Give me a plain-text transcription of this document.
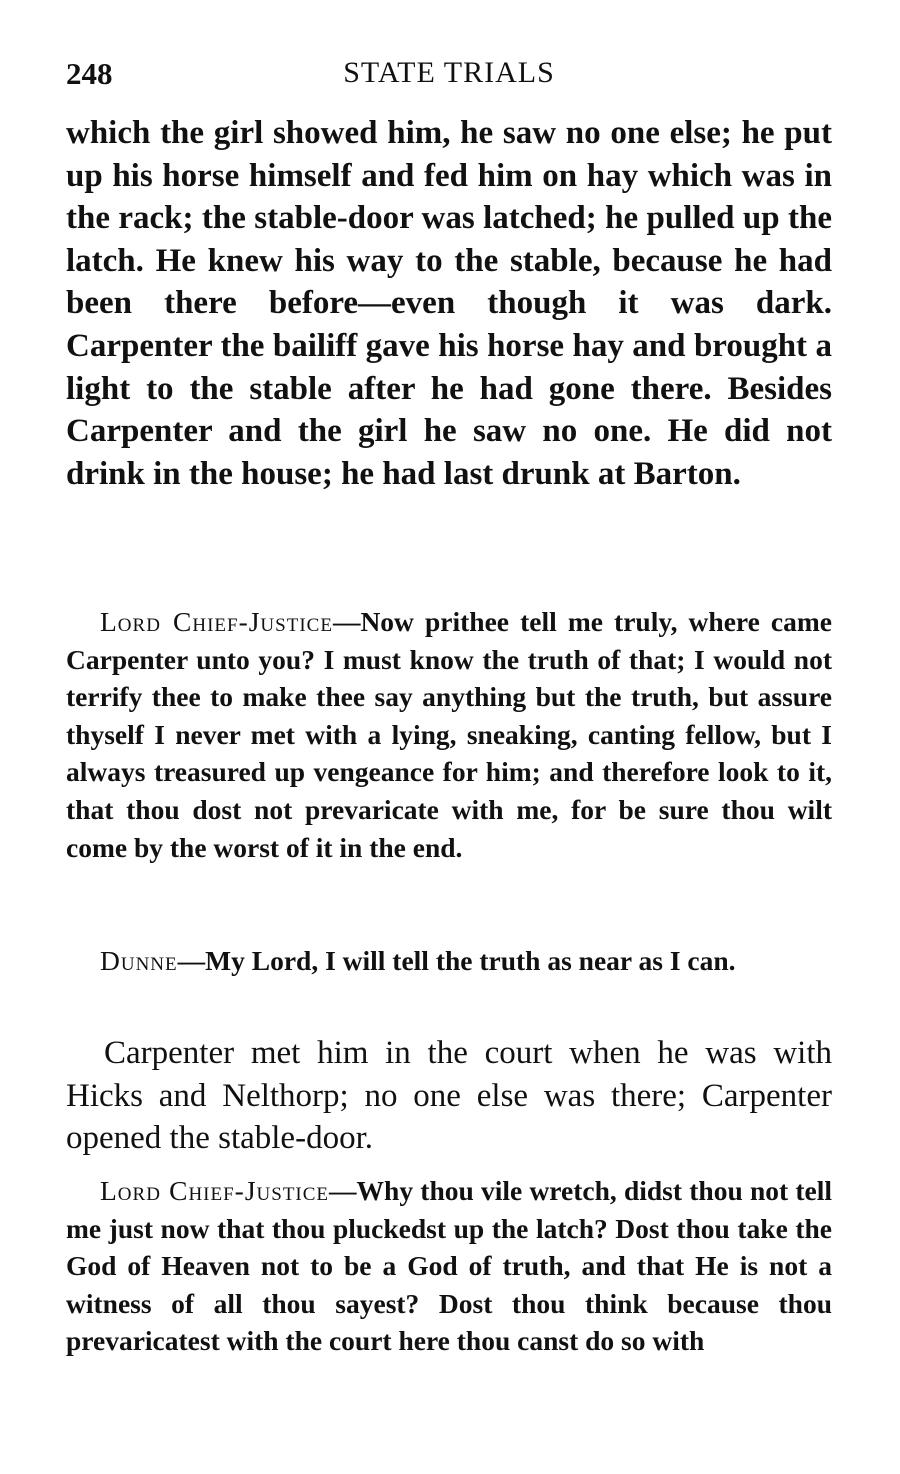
248	STATE TRIALS

which the girl showed him, he saw no one else; he put up his horse himself and fed him on hay which was in the rack; the stable-door was latched; he pulled up the latch. He knew his way to the stable, because he had been there before—even though it was dark. Carpenter the bailiff gave his horse hay and brought a light to the stable after he had gone there. Besides Carpenter and the girl he saw no one. He did not drink in the house; he had last drunk at Barton.

Lord Chief-Justice—Now prithee tell me truly, where came Carpenter unto you? I must know the truth of that; I would not terrify thee to make thee say anything but the truth, but assure thyself I never met with a lying, sneaking, canting fellow, but I always treasured up vengeance for him; and therefore look to it, that thou dost not prevaricate with me, for be sure thou wilt come by the worst of it in the end.

Dunne—My Lord, I will tell the truth as near as I can.

Carpenter met him in the court when he was with Hicks and Nelthorp; no one else was there; Carpenter opened the stable-door.

Lord Chief-Justice—Why thou vile wretch, didst thou not tell me just now that thou pluckedst up the latch? Dost thou take the God of Heaven not to be a God of truth, and that He is not a witness of all thou sayest? Dost thou think because thou prevaricatest with the court here thou canst do so with
